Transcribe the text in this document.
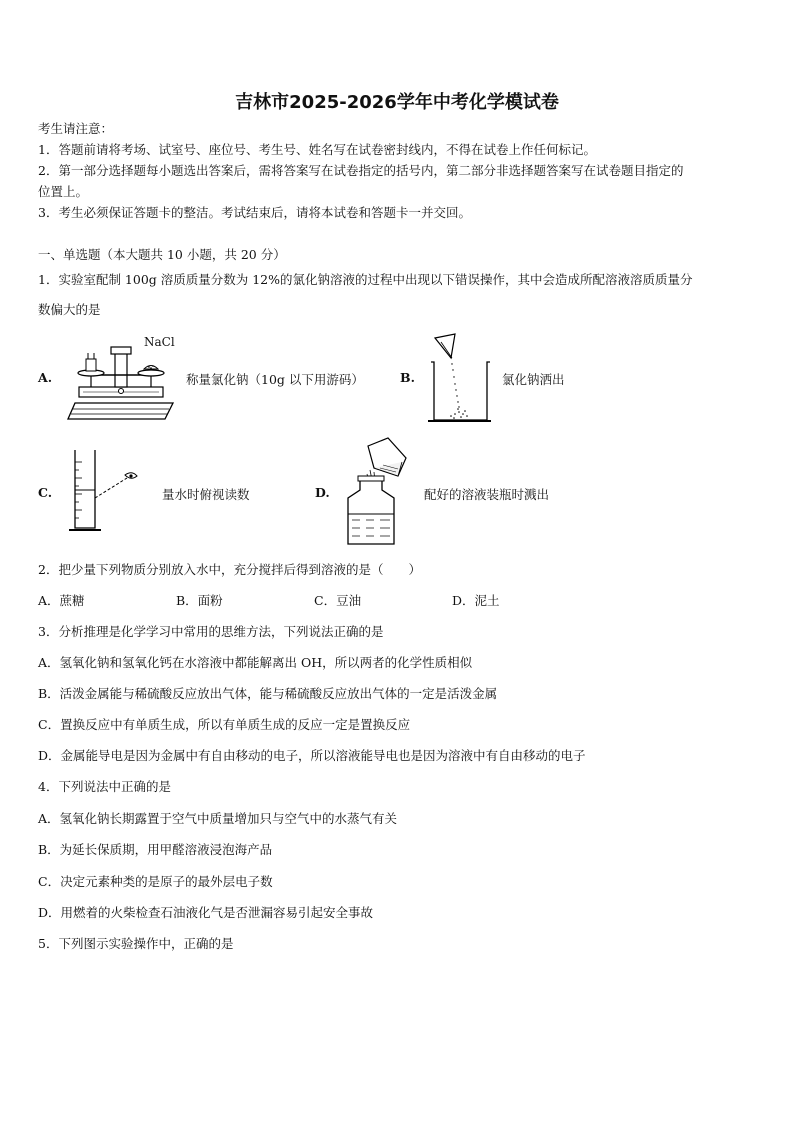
吉林市2025-2026学年中考化学模试卷
考生请注意：
1．答题前请将考场、试室号、座位号、考生号、姓名写在试卷密封线内，不得在试卷上作任何标记。
2．第一部分选择题每小题选出答案后，需将答案写在试卷指定的括号内，第二部分非选择题答案写在试卷题目指定的
位置上。
3．考生必须保证答题卡的整洁。考试结束后，请将本试卷和答题卡一并交回。
一、单选题（本大题共 10 小题，共 20 分）
1．实验室配制 100g 溶质质量分数为 12%的氯化钠溶液的过程中出现以下错误操作，其中会造成所配溶液溶质质量分
数偏大的是
A.
NaCl
称量氯化钠（10g 以下用游码）	B.	氯化钠洒出
C.	量水时俯视读数	D.	配好的溶液装瓶时溅出
2．把少量下列物质分别放入水中，充分搅拌后得到溶液的是（　　）
A．蔗糖	B．面粉	C．豆油	D．泥土
3．分析推理是化学学习中常用的思维方法，下列说法正确的是
A．氢氧化钠和氢氧化钙在水溶液中都能解离出 OH，所以两者的化学性质相似
B．活泼金属能与稀硫酸反应放出气体，能与稀硫酸反应放出气体的一定是活泼金属
C．置换反应中有单质生成，所以有单质生成的反应一定是置换反应
D．金属能导电是因为金属中有自由移动的电子，所以溶液能导电也是因为溶液中有自由移动的电子
4．下列说法中正确的是
A．氢氧化钠长期露置于空气中质量增加只与空气中的水蒸气有关
B．为延长保质期，用甲醛溶液浸泡海产品
C．决定元素种类的是原子的最外层电子数
D．用燃着的火柴检查石油液化气是否泄漏容易引起安全事故
5．下列图示实验操作中，正确的是
